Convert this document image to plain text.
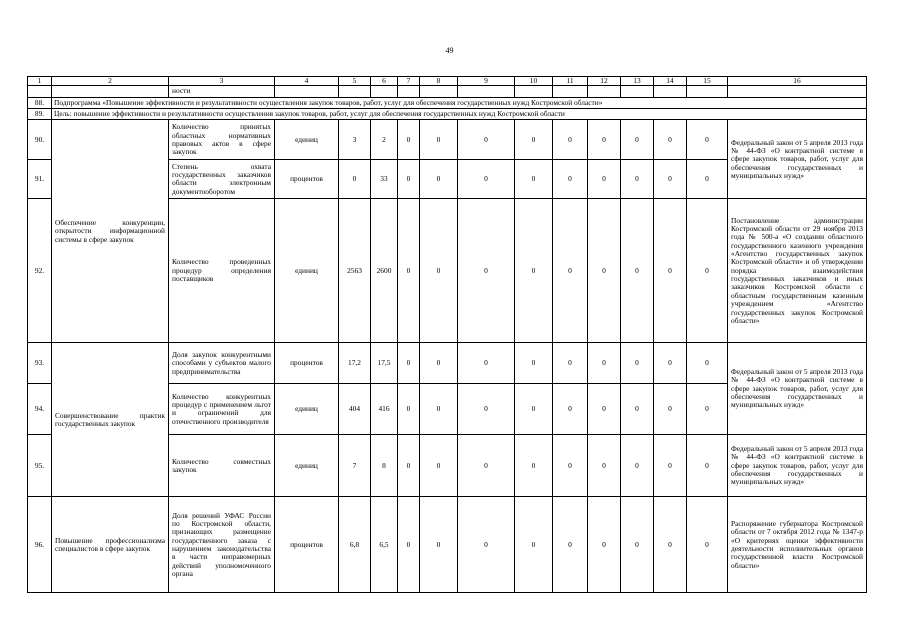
49
1	2	3	4	5	6	7	8	9	10	11	12	13	14	15	16
		ности													
88.	Подпрограмма «Повышение эффективности и результативности осуществления закупок товаров, работ, услуг для обеспечения государственных нужд Костромской области»														
89.	Цель: повышение эффективности и результативности осуществления закупок товаров, работ, услуг для обеспечения государственных нужд Костромской области														
90.	Обеспечение конкуренции, открытости информационной системы в сфере закупок	Количество принятых областных нормативных правовых актов в сфере закупок	единиц	3	2	0	0	0	0	0	0	0	0	0	Федеральный закон от 5 апреля 2013 года № 44-ФЗ «О контрактной системе в сфере закупок товаров, работ, услуг для обеспечения государственных и муниципальных нужд»
91.		Степень охвата государственных заказчиков области электронным документооборотом	процентов	0	33	0	0	0	0	0	0	0	0	0	
92.		Количество проведенных процедур определения поставщиков	единиц	2563	2600	0	0	0	0	0	0	0	0	0	Постановление администрации Костромской области от 29 ноября 2013 года № 500-а «О создании областного государственного казенного учреждения «Агентство государственных закупок Костромской области» и об утверждении порядка взаимодействия государственных заказчиков и иных заказчиков Костромской области с областным государственным казенным учреждением «Агентство государственных закупок Костромской области»
93.	Совершенствование практик государственных закупок	Доля закупок конкурентными способами у субъектов малого предпринимательства	процентов	17,2	17,5	0	0	0	0	0	0	0	0	0	Федеральный закон от 5 апреля 2013 года № 44-ФЗ «О контрактной системе в сфере закупок товаров, работ, услуг для обеспечения государственных и муниципальных нужд»
94.		Количество конкурентных процедур с применением льгот и ограничений для отечественного производителя	единиц	404	416	0	0	0	0	0	0	0	0	0	
95.		Количество совместных закупок	единиц	7	8	0	0	0	0	0	0	0	0	0	Федеральный закон от 5 апреля 2013 года № 44-ФЗ «О контрактной системе в сфере закупок товаров, работ, услуг для обеспечения государственных и муниципальных нужд»
96.	Повышение профессионализма специалистов в сфере закупок	Доля решений УФАС России по Костромской области, признающих размещение государственного заказа с нарушением законодательства в части неправомерных действий уполномоченного органа	процентов	6,8	6,5	0	0	0	0	0	0	0	0	0	Распоряжение губернатора Костромской области от 7 октября 2012 года № 1347-р «О критериях оценки эффективности деятельности исполнительных органов государственной власти Костромской области»
